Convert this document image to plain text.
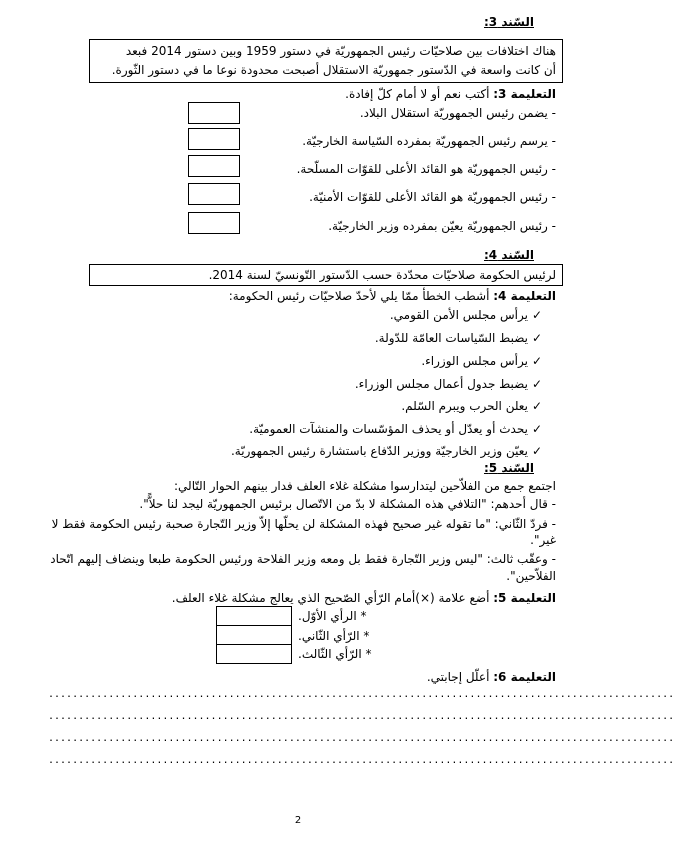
السّند 3:
هناك اختلافات بين صلاحيّات رئيس الجمهوريّة في دستور 1959 وبين دستور 2014 فبعد
أن كانت واسعة في الدّستور جمهوريّة الاستقلال أصبحت محدودة نوعا ما في دستور الثّورة.
التعليمة 3: أكتب نعم أو لا أمام كلّ إفادة.
- يضمن رئيس الجمهوريّة استقلال البلاد.
- يرسم رئيس الجمهوريّة بمفرده السّياسة الخارجيّة.
- رئيس الجمهوريّة هو القائد الأعلى للقوّات المسلّحة.
- رئيس الجمهوريّة هو القائد الأعلى للقوّات الأمنيّة.
- رئيس الجمهوريّة يعيّن بمفرده وزير الخارجيّة.
السّند 4:
لرئيس الحكومة صلاحيّات محدّدة حسب الدّستور التّونسيّ لسنة 2014.
التعليمة 4: أشطب الخطأ ممّا يلي لأحدّ صلاحيّات رئيس الحكومة:
✓يرأس مجلس الأمن القومي.
✓يضبط السّياسات العامّة للدّولة.
✓يرأس مجلس الوزراء.
✓يضبط جدول أعمال مجلس الوزراء.
✓يعلن الحرب ويبرم السّلم.
✓يحدث أو يعدّل أو يحذف المؤسّسات والمنشآت العموميّة.
✓يعيّن وزير الخارجيّة ووزير الدّفاع باستشارة رئيس الجمهوريّة.
السّند 5:
اجتمع جمع من الفلاّحين ليتدارسوا مشكلة غلاء العلف فدار بينهم الحوار التّالي:
- قال أحدهم: "التلافي هذه المشكلة لا بدّ من الاتّصال برئيس الجمهوريّة ليجد لنا حلاًّ".
- فردّ الثّاني: "ما تقوله غير صحيح فهذه المشكلة لن يحلّها إلاّ وزير التّجارة صحبة رئيس الحكومة فقط لا
غير".
- وعقّب ثالث: "ليس وزير التّجارة فقط بل ومعه وزير الفلاحة ورئيس الحكومة طبعا وينضاف إليهم اتّحاد
الفلاّحين".
التعليمة 5: أضع علامة (×)أمام الرّأي الصّحيح الذي يعالج مشكلة غلاء العلف.
* الرأي الأوّل.
* الرّأي الثّاني.
* الرّأي الثّالث.
التعليمة 6: أعلّل إجابتي.
........................................................................................................
........................................................................................................
........................................................................................................
........................................................................................................
2
